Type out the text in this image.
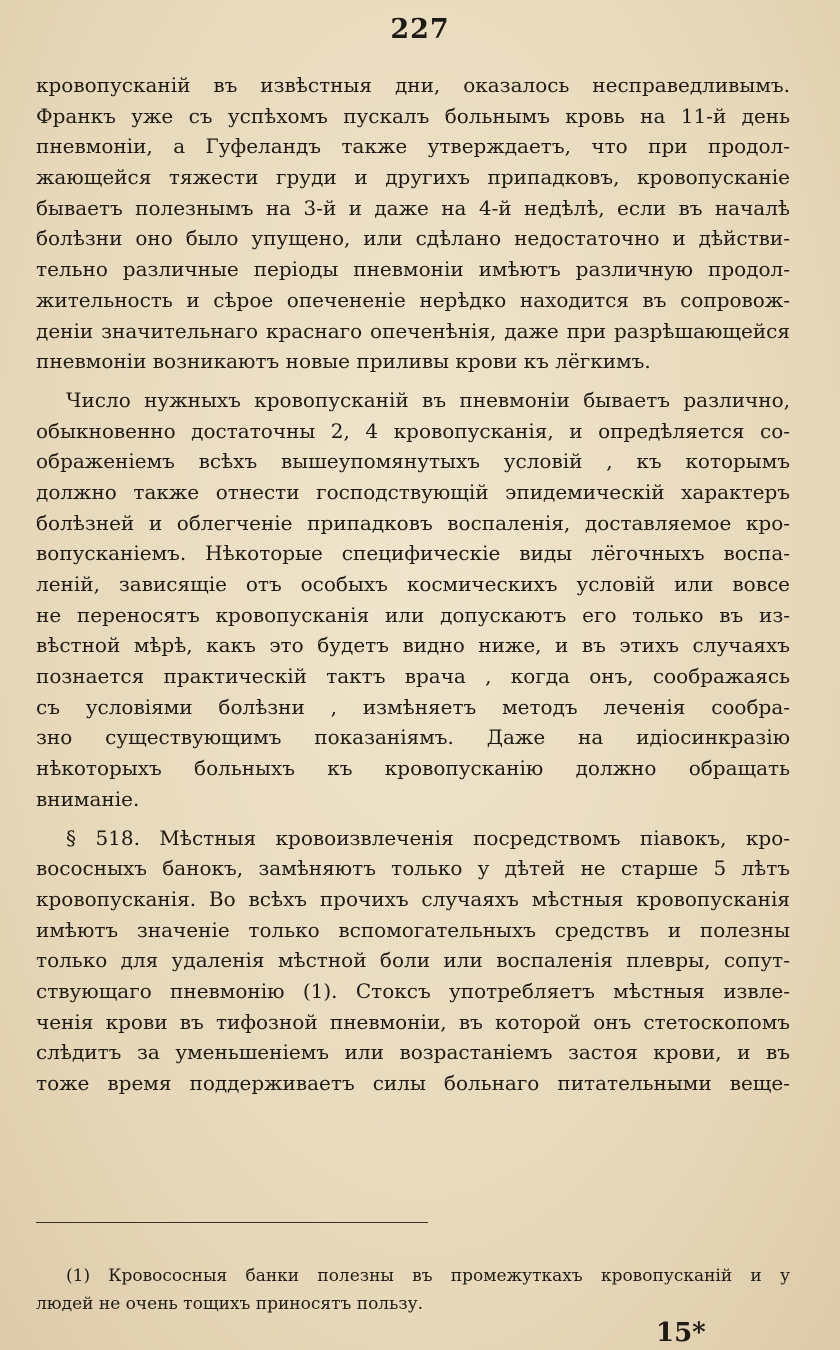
227
кровопусканій въ извѣстныя дни, оказалось несправедливымъ.
Франкъ уже съ успѣхомъ пускалъ больнымъ кровь на 11-й день
пневмоніи, а Гуфеландъ также утверждаетъ, что при продол-
жающейся тяжести груди и другихъ припадковъ, кровопусканіе
бываетъ полезнымъ на 3-й и даже на 4-й недѣлѣ, если въ началѣ
болѣзни оно было упущено, или сдѣлано недостаточно и дѣйстви-
тельно различные періоды пневмоніи имѣютъ различную продол-
жительность и сѣрое опечененіе нерѣдко находится въ сопровож-
деніи значительнаго краснаго опеченѣнія, даже при разрѣшающейся
пневмоніи возникаютъ новые приливы крови къ лёгкимъ.
Число нужныхъ кровопусканій въ пневмоніи бываетъ различно,
обыкновенно достаточны 2, 4 кровопусканія, и опредѣляется со-
ображеніемъ всѣхъ вышеупомянутыхъ условій , къ которымъ
должно также отнести господствующій эпидемическій характеръ
болѣзней и облегченіе припадковъ воспаленія, доставляемое кро-
вопусканіемъ. Нѣкоторые специфическіе виды лёгочныхъ воспа-
леній, зависящіе отъ особыхъ космическихъ условій или вовсе
не переносятъ кровопусканія или допускаютъ его только въ из-
вѣстной мѣрѣ, какъ это будетъ видно ниже, и въ этихъ случаяхъ
познается практическій тактъ врача , когда онъ, соображаясь
съ условіями болѣзни , измѣняетъ методъ леченія сообра-
зно существующимъ показаніямъ. Даже на идіосинкразію
нѣкоторыхъ больныхъ къ кровопусканію должно обращать
вниманіе.
§ 518. Мѣстныя кровоизвлеченія посредствомъ піавокъ, кро-
вососныхъ банокъ, замѣняютъ только у дѣтей не старше 5 лѣтъ
кровопусканія. Во всѣхъ прочихъ случаяхъ мѣстныя кровопусканія
имѣютъ значеніе только вспомогательныхъ средствъ и полезны
только для удаленія мѣстной боли или воспаленія плевры, сопут-
ствующаго пневмонію (1). Стоксъ употребляетъ мѣстныя извле-
ченія крови въ тифозной пневмоніи, въ которой онъ стетоскопомъ
слѣдитъ за уменьшеніемъ или возрастаніемъ застоя крови, и въ
тоже время поддерживаетъ силы больнаго питательными веще-
(1) Кровососныя банки полезны въ промежуткахъ кровопусканій и у
людей не очень тощихъ приносятъ пользу.
15*
